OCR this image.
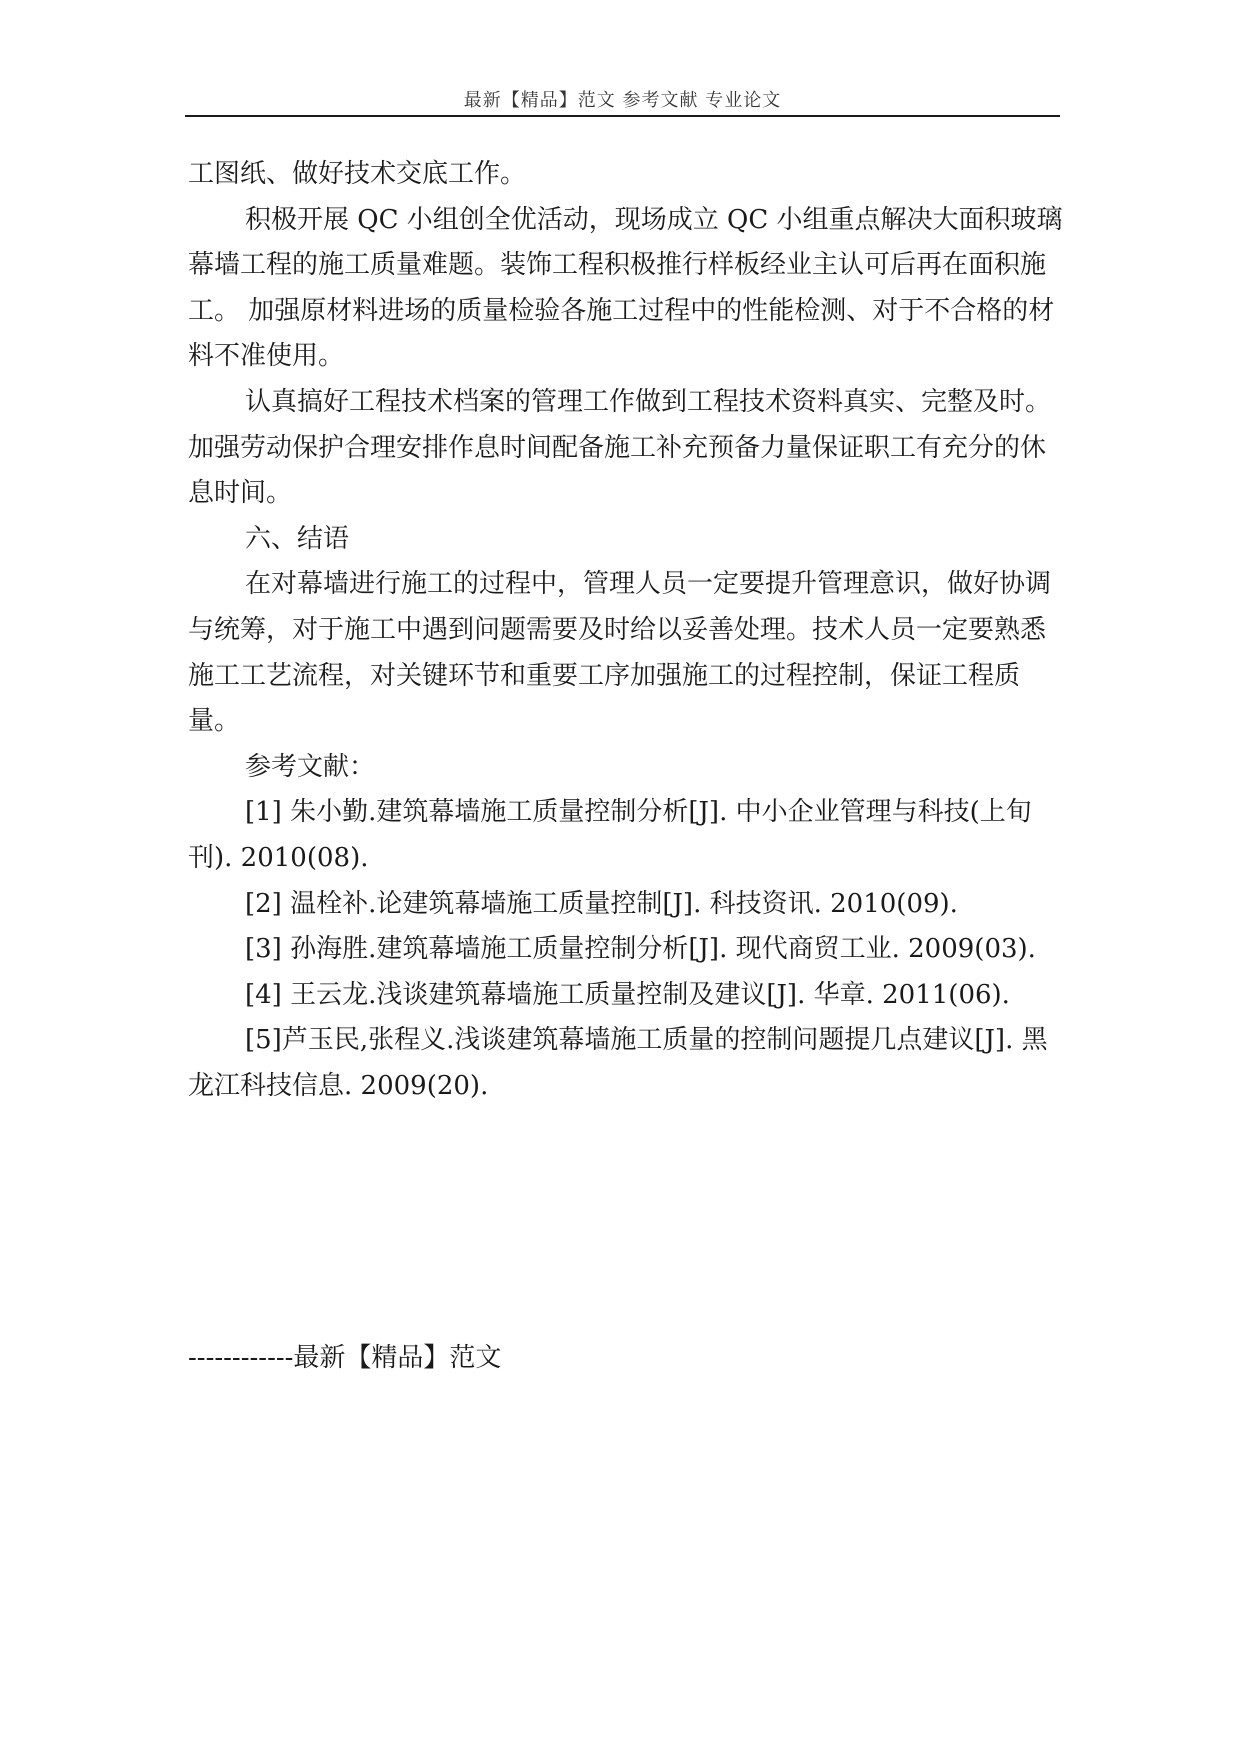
最新【精品】范文 参考文献 专业论文

工图纸、做好技术交底工作。

积极开展 QC 小组创全优活动，现场成立 QC 小组重点解决大面积玻璃幕墙工程的施工质量难题。装饰工程积极推行样板经业主认可后再在面积施工。 加强原材料进场的质量检验各施工过程中的性能检测、对于不合格的材料不准使用。

认真搞好工程技术档案的管理工作做到工程技术资料真实、完整及时。 加强劳动保护合理安排作息时间配备施工补充预备力量保证职工有充分的休息时间。

六、结语

在对幕墙进行施工的过程中，管理人员一定要提升管理意识，做好协调与统筹，对于施工中遇到问题需要及时给以妥善处理。技术人员一定要熟悉施工工艺流程，对关键环节和重要工序加强施工的过程控制，保证工程质量。

参考文献：

[1] 朱小勤.建筑幕墙施工质量控制分析[J]. 中小企业管理与科技(上旬刊). 2010(08).

[2] 温栓补.论建筑幕墙施工质量控制[J]. 科技资讯. 2010(09).

[3] 孙海胜.建筑幕墙施工质量控制分析[J]. 现代商贸工业. 2009(03).

[4] 王云龙.浅谈建筑幕墙施工质量控制及建议[J]. 华章. 2011(06).

[5]芦玉民,张程义.浅谈建筑幕墙施工质量的控制问题提几点建议[J]. 黑龙江科技信息. 2009(20).

------------最新【精品】范文
